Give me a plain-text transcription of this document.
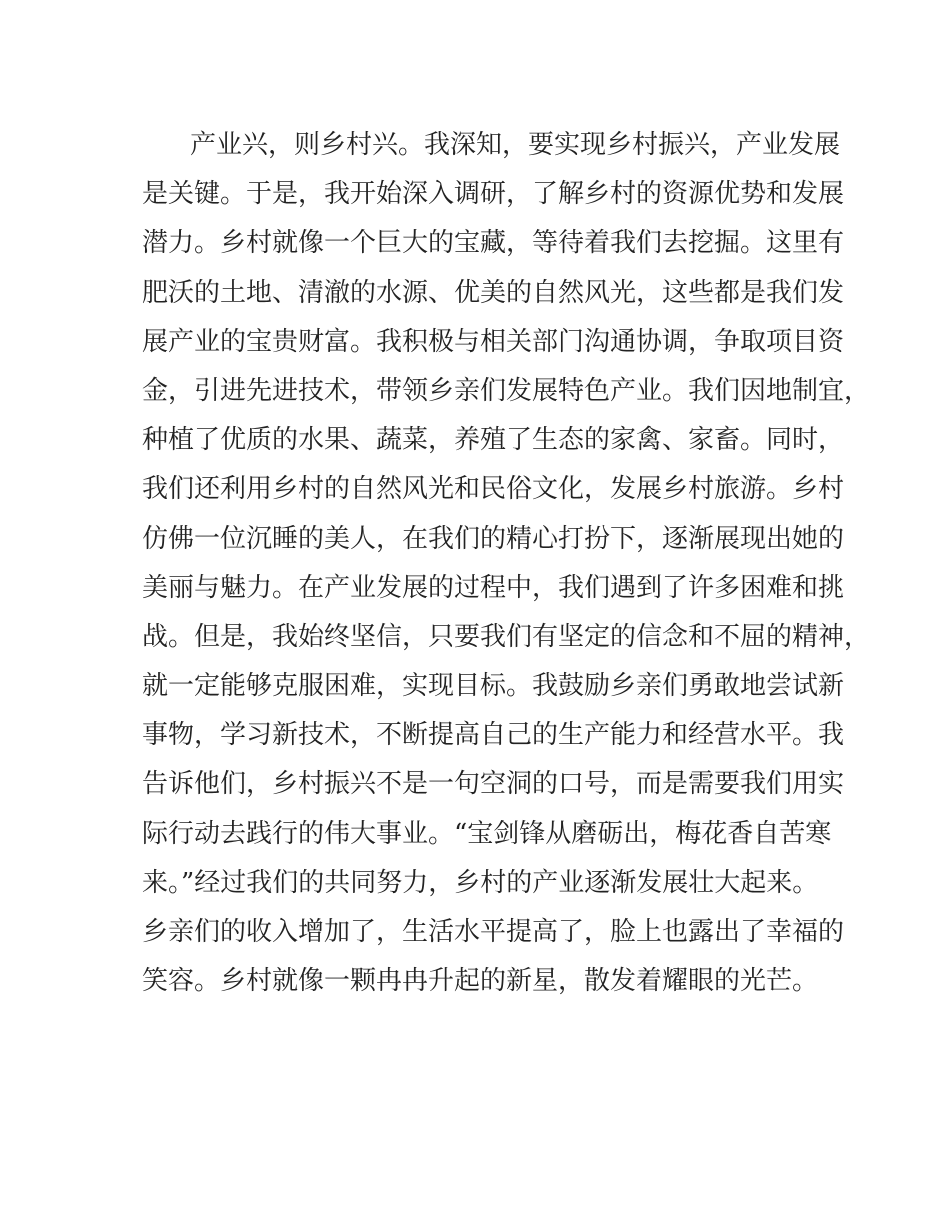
产业兴，则乡村兴。我深知，要实现乡村振兴，产业发展
是关键。于是，我开始深入调研，了解乡村的资源优势和发展
潜力。乡村就像一个巨大的宝藏，等待着我们去挖掘。这里有
肥沃的土地、清澈的水源、优美的自然风光，这些都是我们发
展产业的宝贵财富。我积极与相关部门沟通协调，争取项目资
金，引进先进技术，带领乡亲们发展特色产业。我们因地制宜，
种植了优质的水果、蔬菜，养殖了生态的家禽、家畜。同时，
我们还利用乡村的自然风光和民俗文化，发展乡村旅游。乡村
仿佛一位沉睡的美人，在我们的精心打扮下，逐渐展现出她的
美丽与魅力。在产业发展的过程中，我们遇到了许多困难和挑
战。但是，我始终坚信，只要我们有坚定的信念和不屈的精神，
就一定能够克服困难，实现目标。我鼓励乡亲们勇敢地尝试新
事物，学习新技术，不断提高自己的生产能力和经营水平。我
告诉他们，乡村振兴不是一句空洞的口号，而是需要我们用实
际行动去践行的伟大事业。“宝剑锋从磨砺出，梅花香自苦寒
来。”经过我们的共同努力，乡村的产业逐渐发展壮大起来。
乡亲们的收入增加了，生活水平提高了，脸上也露出了幸福的
笑容。乡村就像一颗冉冉升起的新星，散发着耀眼的光芒。
